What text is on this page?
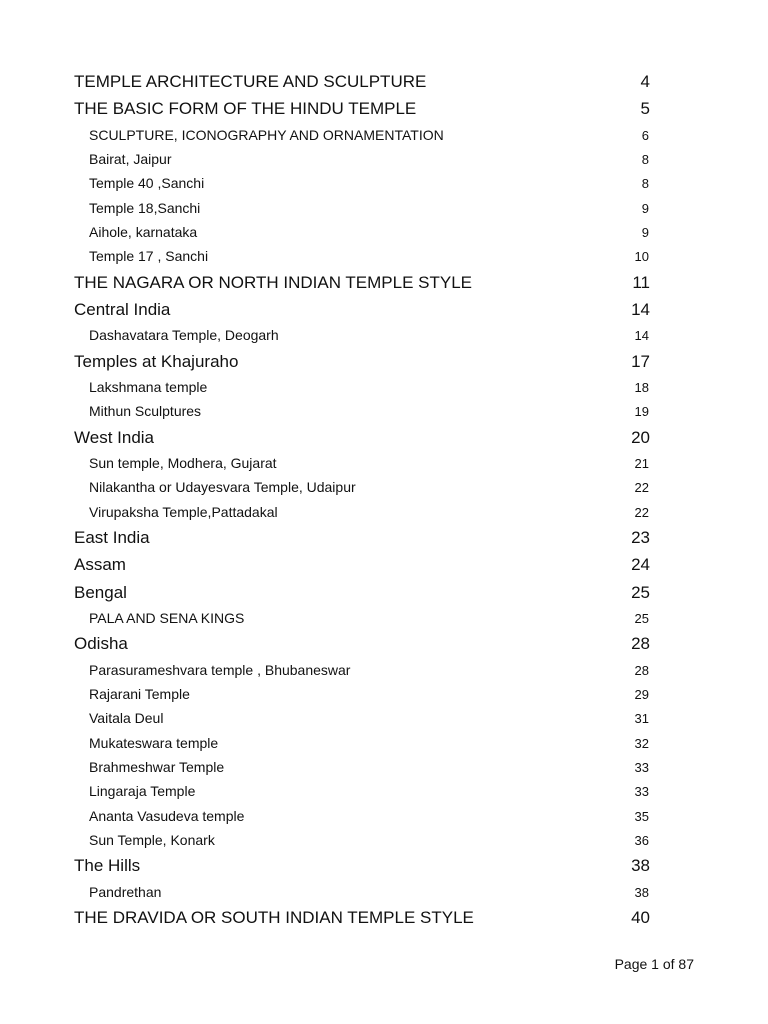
TEMPLE ARCHITECTURE AND SCULPTURE	4
THE BASIC FORM OF THE HINDU TEMPLE	5
SCULPTURE, ICONOGRAPHY AND ORNAMENTATION	6
Bairat, Jaipur	8
Temple 40 ,Sanchi	8
Temple 18,Sanchi	9
Aihole, karnataka	9
Temple 17 , Sanchi	10
THE NAGARA OR NORTH INDIAN TEMPLE STYLE	11
Central India	14
Dashavatara Temple, Deogarh	14
Temples at Khajuraho	17
Lakshmana temple	18
Mithun Sculptures	19
West India	20
Sun temple, Modhera, Gujarat	21
Nilakantha or Udayesvara Temple, Udaipur	22
Virupaksha Temple,Pattadakal	22
East India	23
Assam	24
Bengal	25
PALA AND SENA KINGS	25
Odisha	28
Parasurameshvara temple , Bhubaneswar	28
Rajarani Temple	29
Vaitala Deul	31
Mukateswara temple	32
Brahmeshwar Temple	33
Lingaraja Temple	33
Ananta Vasudeva temple	35
Sun Temple, Konark	36
The Hills	38
Pandrethan	38
THE DRAVIDA OR SOUTH INDIAN TEMPLE STYLE	40
Page 1 of 87
